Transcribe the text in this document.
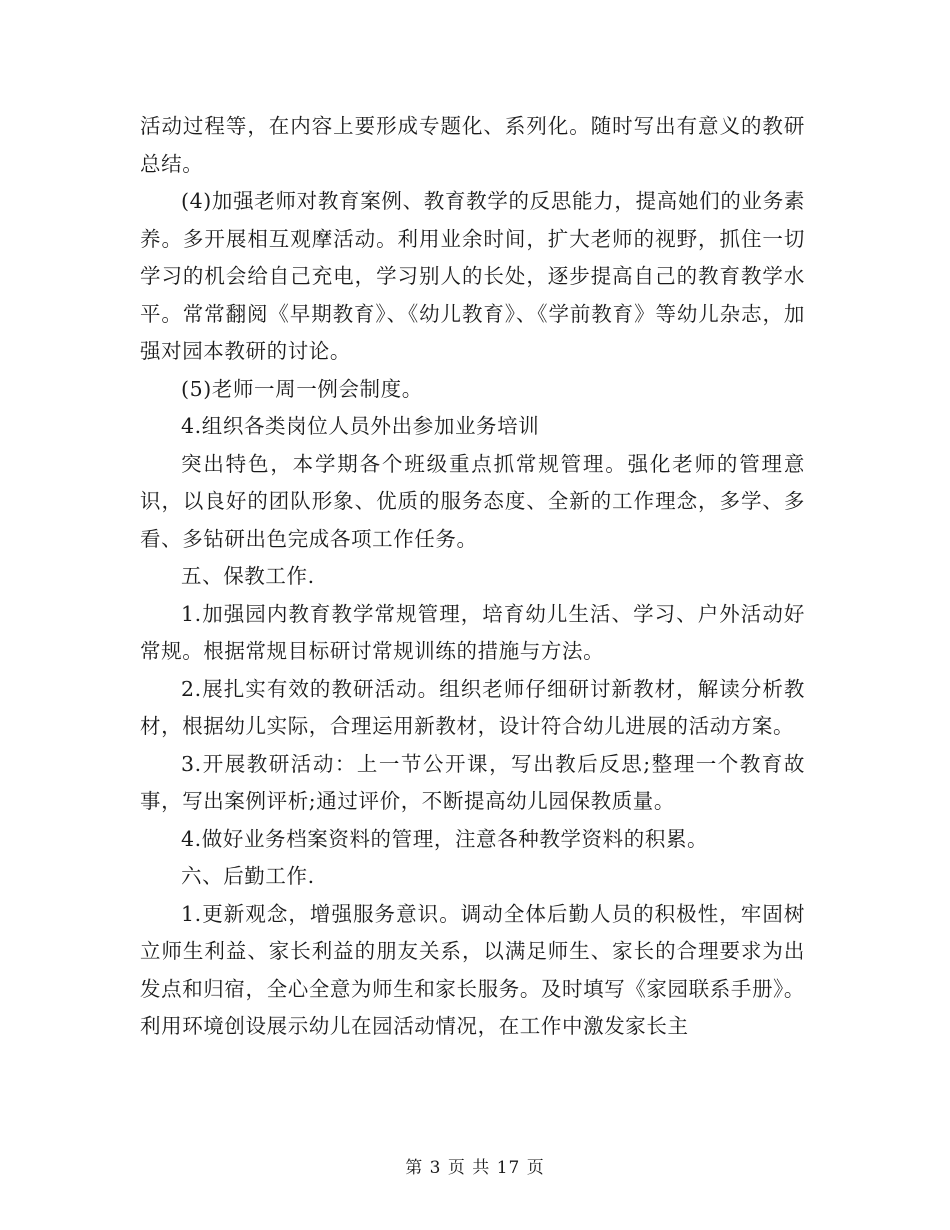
活动过程等，在内容上要形成专题化、系列化。随时写出有意义的教研总结。

(4)加强老师对教育案例、教育教学的反思能力，提高她们的业务素养。多开展相互观摩活动。利用业余时间，扩大老师的视野，抓住一切学习的机会给自己充电，学习别人的长处，逐步提高自己的教育教学水平。常常翻阅《早期教育》、《幼儿教育》、《学前教育》等幼儿杂志，加强对园本教研的讨论。

(5)老师一周一例会制度。

4.组织各类岗位人员外出参加业务培训

突出特色，本学期各个班级重点抓常规管理。强化老师的管理意识，以良好的团队形象、优质的服务态度、全新的工作理念，多学、多看、多钻研出色完成各项工作任务。

五、保教工作.

1.加强园内教育教学常规管理，培育幼儿生活、学习、户外活动好常规。根据常规目标研讨常规训练的措施与方法。

2.展扎实有效的教研活动。组织老师仔细研讨新教材，解读分析教材，根据幼儿实际，合理运用新教材，设计符合幼儿进展的活动方案。

3.开展教研活动：上一节公开课，写出教后反思;整理一个教育故事，写出案例评析;通过评价，不断提高幼儿园保教质量。

4.做好业务档案资料的管理，注意各种教学资料的积累。

六、后勤工作.

1.更新观念，增强服务意识。调动全体后勤人员的积极性，牢固树立师生利益、家长利益的朋友关系，以满足师生、家长的合理要求为出发点和归宿，全心全意为师生和家长服务。及时填写《家园联系手册》。利用环境创设展示幼儿在园活动情况，在工作中激发家长主

第 3 页 共 17 页
